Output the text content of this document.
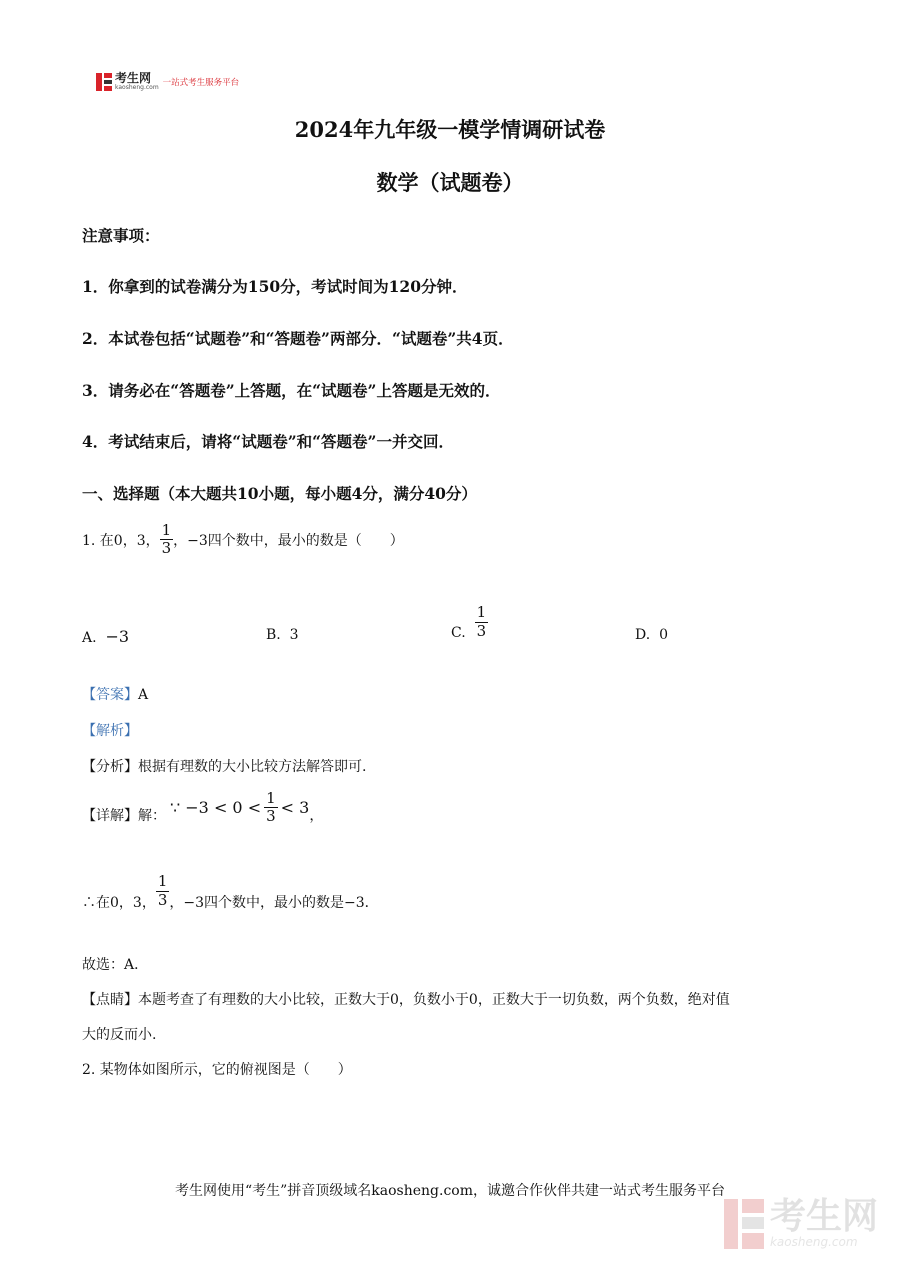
考生网
kaosheng.com 一站式考生服务平台
2024年九年级一模学情调研试卷
数学（试题卷）
注意事项：
1．你拿到的试卷满分为150分，考试时间为120分钟．
2．本试卷包括“试题卷”和“答题卷”两部分．“试题卷”共4页．
3．请务必在“答题卷”上答题，在“试题卷”上答题是无效的．
4．考试结束后，请将“试题卷”和“答题卷”一并交回．
一、选择题（本大题共10小题，每小题4分，满分40分）
1. 在0，3， $\frac{1}{3}$ ，−3四个数中，最小的数是（　　）
A. −3	B. 3	C.
$\frac{1}{3}$	D. 0
【答案】A
【解析】
【分析】根据有理数的大小比较方法解答即可.
【详解】 解： ∵ $-3 < 0 < \frac{1}{3} < 3$ ，
∴在0，3， $\frac{1}{3}$ ，−3四个数中，最小的数是−3．
故选：A．
【点睛】本题考查了有理数的大小比较，正数大于0，负数小于0，正数大于一切负数，两个负数，绝对值
大的反而小.
2. 某物体如图所示，它的俯视图是（　　）
考生网使用“考生”拼音顶级域名kaosheng.com，诚邀合作伙伴共建一站式考生服务平台
考生网
kaosheng.com
